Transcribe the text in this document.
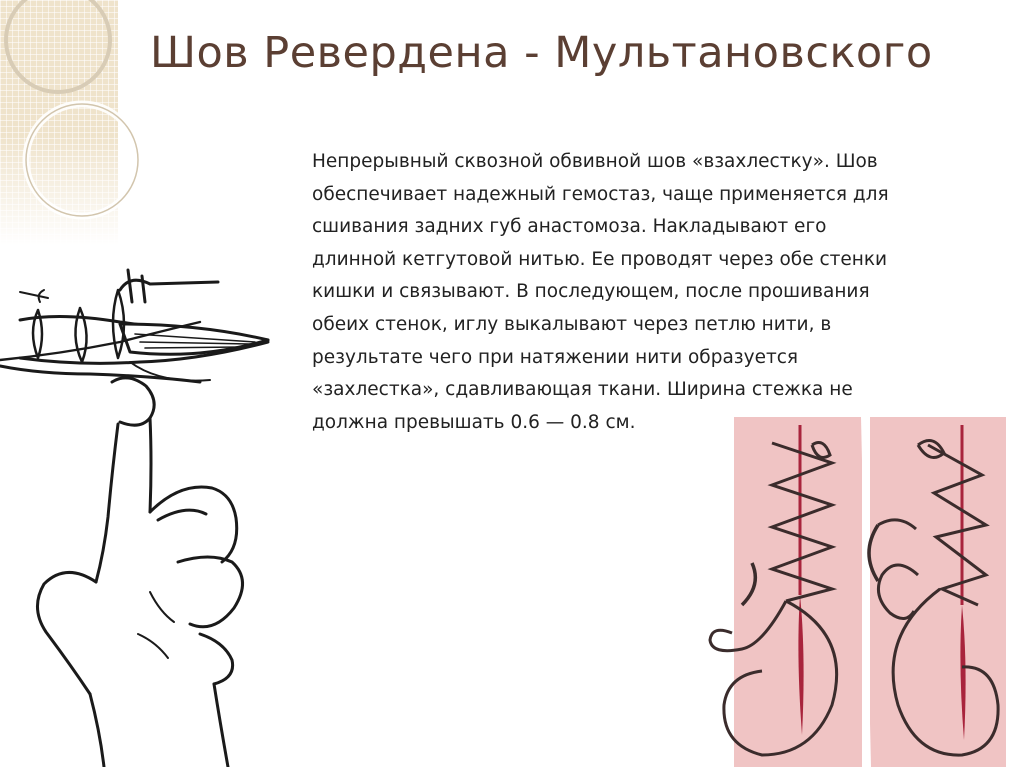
Шов Ревердена - Мультановского
Непрерывный сквозной обвивной шов «взахлестку». Шов
обеспечивает надежный гемостаз, чаще применяется для
сшивания задних губ анастомоза. Накладывают его
длинной кетгутовой нитью. Ее проводят через обе стенки
кишки и связывают. В последующем, после прошивания
обеих стенок, иглу выкалывают через петлю нити, в
результате чего при натяжении нити образуется
«захлестка», сдавливающая ткани. Ширина стежка не
должна превышать 0.6 — 0.8 см.
